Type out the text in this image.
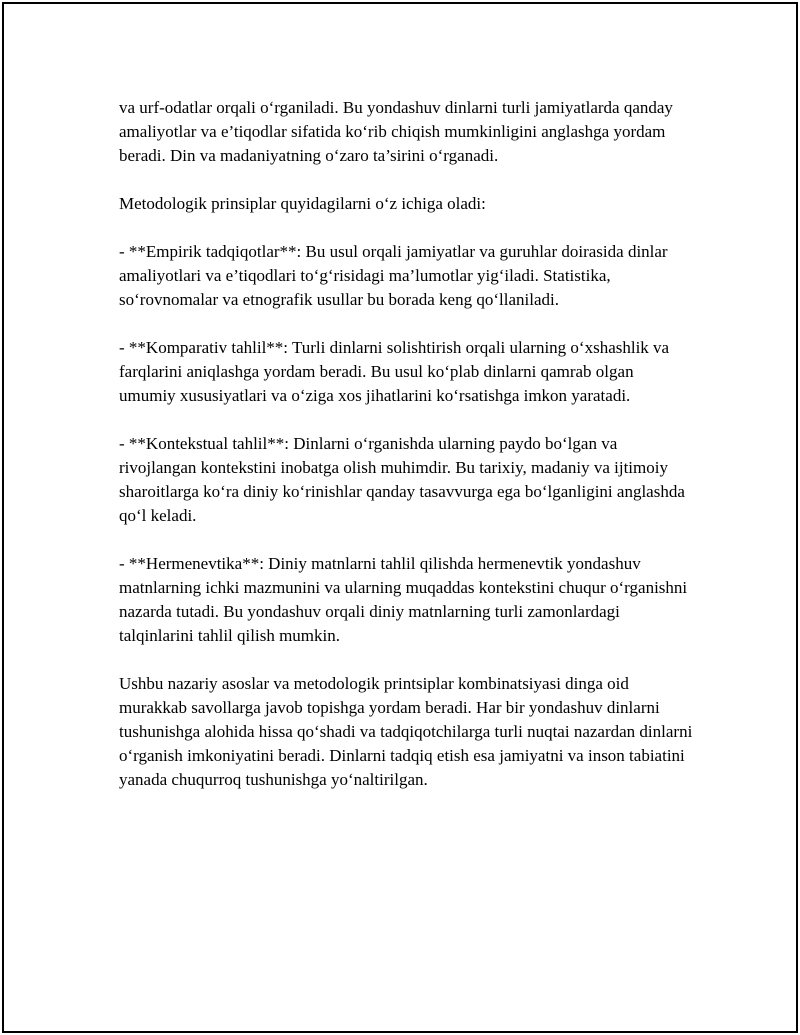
va urf-odatlar orqali o‘rganiladi. Bu yondashuv dinlarni turli jamiyatlarda qanday amaliyotlar va e’tiqodlar sifatida ko‘rib chiqish mumkinligini anglashga yordam beradi. Din va madaniyatning o‘zaro ta’sirini o‘rganadi.

Metodologik prinsiplar quyidagilarni o‘z ichiga oladi:

- **Empirik tadqiqotlar**: Bu usul orqali jamiyatlar va guruhlar doirasida dinlar amaliyotlari va e’tiqodlari to‘g‘risidagi ma’lumotlar yig‘iladi. Statistika, so‘rovnomalar va etnografik usullar bu borada keng qo‘llaniladi.

- **Komparativ tahlil**: Turli dinlarni solishtirish orqali ularning o‘xshashlik va farqlarini aniqlashga yordam beradi. Bu usul ko‘plab dinlarni qamrab olgan umumiy xususiyatlari va o‘ziga xos jihatlarini ko‘rsatishga imkon yaratadi.

- **Kontekstual tahlil**: Dinlarni o‘rganishda ularning paydo bo‘lgan va rivojlangan kontekstini inobatga olish muhimdir. Bu tarixiy, madaniy va ijtimoiy sharoitlarga ko‘ra diniy ko‘rinishlar qanday tasavvurga ega bo‘lganligini anglashda qo‘l keladi.

- **Hermenevtika**: Diniy matnlarni tahlil qilishda hermenevtik yondashuv matnlarning ichki mazmunini va ularning muqaddas kontekstini chuqur o‘rganishni nazarda tutadi. Bu yondashuv orqali diniy matnlarning turli zamonlardagi talqinlarini tahlil qilish mumkin.

Ushbu nazariy asoslar va metodologik printsiplar kombinatsiyasi dinga oid murakkab savollarga javob topishga yordam beradi. Har bir yondashuv dinlarni tushunishga alohida hissa qo‘shadi va tadqiqotchilarga turli nuqtai nazardan dinlarni o‘rganish imkoniyatini beradi. Dinlarni tadqiq etish esa jamiyatni va inson tabiatini yanada chuqurroq tushunishga yo‘naltirilgan.
